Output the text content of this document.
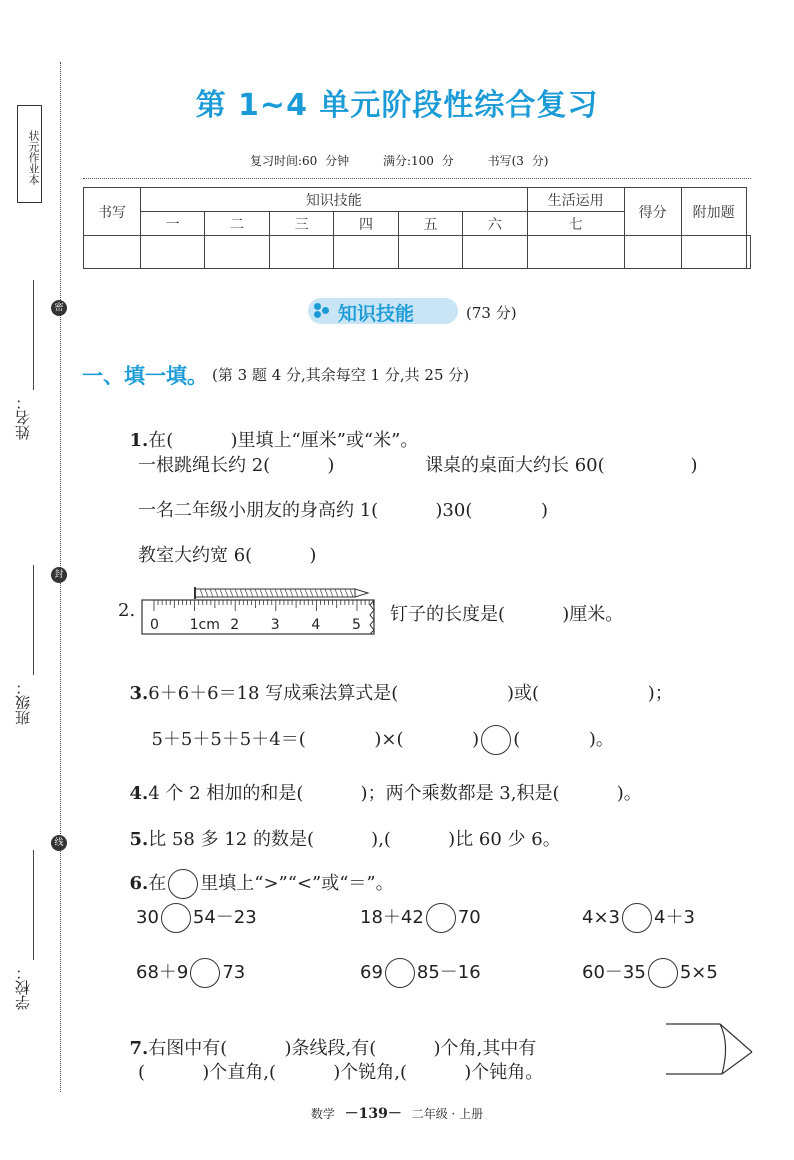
状元作业本
密
封
线
姓名：
班级：
学校：
第 1~4 单元阶段性综合复习
复习时间:60 分钟	满分:100 分	书写(3 分)
书写	知识技能						生活运用	得分	附加题	
	一	二	三	四	五	六	七			

知识技能	(73 分)
一、填一填。 (第 3 题 4 分,其余每空 1 分,共 25 分)

1.在(          )里填上“厘米”或“米”。

一根跳绳长约 2(          )	课桌的桌面大约长 60(               )
一名二年级小朋友的身高约 1(          )30(            )
教室大约宽 6(          )
2.
0 1cm 2 3 4 5 钉子的长度是(          )厘米。

3.6＋6＋6＝18 写成乘法算式是(                   )或(                   )；

5＋5＋5＋5＋4＝(            )×(            ) (            )。

4.4 个 2 相加的和是(          )；两个乘数都是 3,积是(          )。

5.比 58 多 12 的数是(          ),(          )比 60 少 6。

6.在 里填上“>”“<”或“＝”。

30 54－23	18＋42 70	4×3 4＋3
68＋9 73	69 85－16	60－35 5×5

7.右图中有(          )条线段,有(          )个角,其中有

(          )个直角,(          )个锐角,(          )个钝角。
数学 －139－ 二年级 · 上册
